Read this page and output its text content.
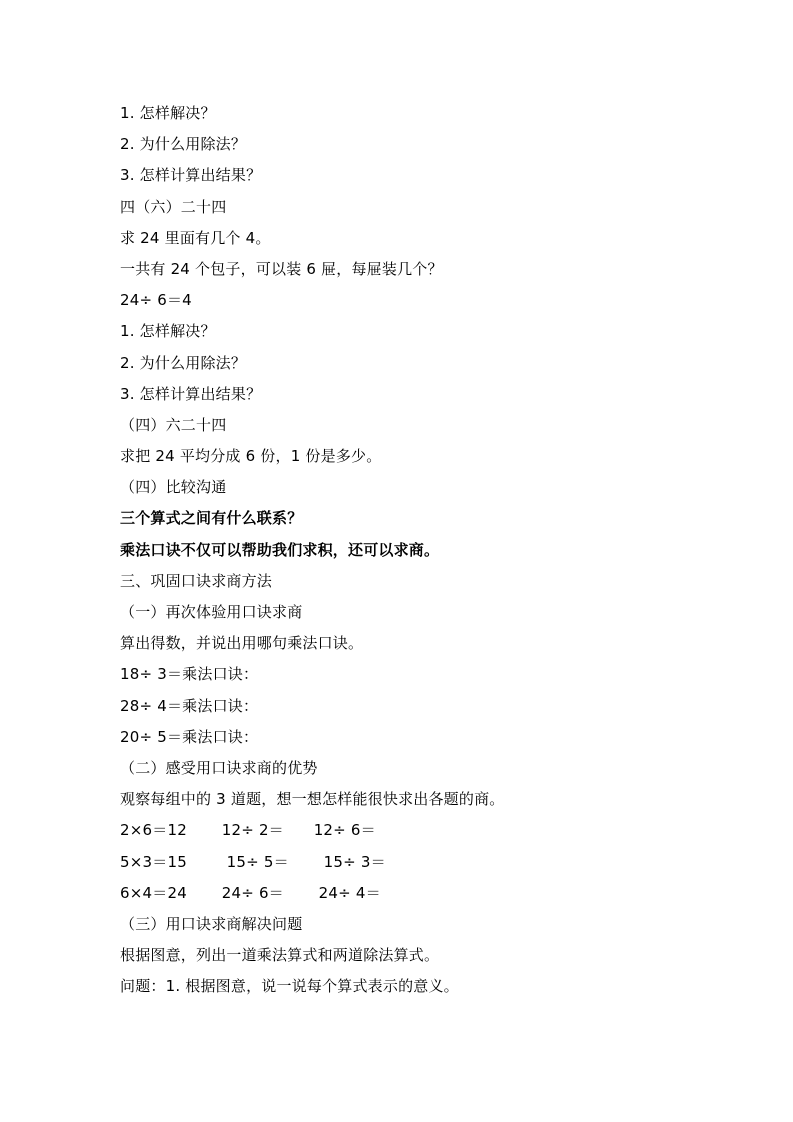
1. 怎样解决？
2. 为什么用除法？
3. 怎样计算出结果？
四（六）二十四
求 24 里面有几个 4。
一共有 24 个包子，可以装 6 屉，每屉装几个？
24÷ 6＝4
1. 怎样解决？
2. 为什么用除法？
3. 怎样计算出结果？
（四）六二十四
求把 24 平均分成 6 份，1 份是多少。
（四）比较沟通
三个算式之间有什么联系？
乘法口诀不仅可以帮助我们求积，还可以求商。
三、巩固口诀求商方法
（一）再次体验用口诀求商
算出得数，并说出用哪句乘法口诀。
18÷ 3＝乘法口诀：
28÷ 4＝乘法口诀：
20÷ 5＝乘法口诀：
（二）感受用口诀求商的优势
观察每组中的 3 道题，想一想怎样能很快求出各题的商。
2×6＝12       12÷ 2＝      12÷ 6＝
5×3＝15        15÷ 5＝       15÷ 3＝
6×4＝24       24÷ 6＝       24÷ 4＝
（三）用口诀求商解决问题
根据图意，列出一道乘法算式和两道除法算式。
问题：1. 根据图意，说一说每个算式表示的意义。
